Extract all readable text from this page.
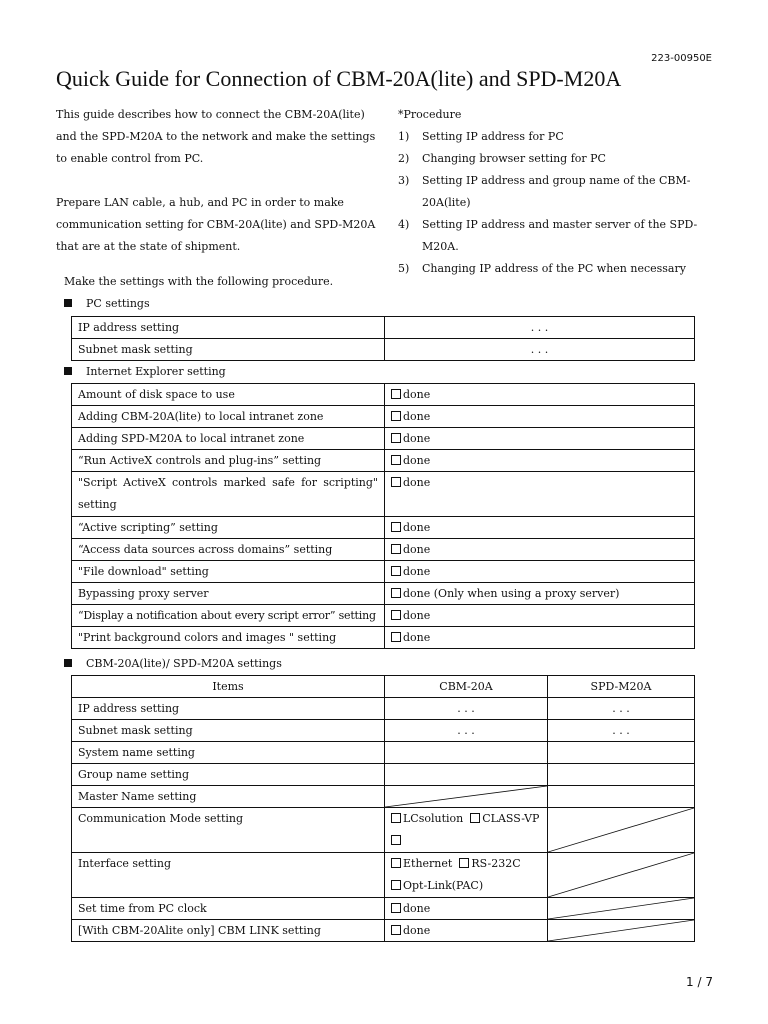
223-00950E
Quick Guide for Connection of CBM-20A(lite) and SPD-M20A

This guide describes how to connect the CBM-20A(lite) and the SPD-M20A to the network and make the settings to enable control from PC.

Prepare LAN cable, a hub, and PC in order to make communication setting for CBM-20A(lite) and SPD-M20A that are at the state of shipment.

*Procedure
1)	Setting IP address for PC
2)	Changing browser setting for PC
3)	Setting IP address and group name of the CBM-20A(lite)
4)	Setting IP address and master server of the SPD-M20A.
5)	Changing IP address of the PC when necessary
Make the settings with the following procedure.
PC settings
IP address setting	. . .
Subnet mask setting	. . .
Internet Explorer setting
Amount of disk space to use	done
Adding CBM-20A(lite) to local intranet zone	done
Adding SPD-M20A to local intranet zone	done
“Run ActiveX controls and plug-ins” setting	done
"Script ActiveX controls marked safe for scripting" setting	done
“Active scripting” setting	done
“Access data sources across domains” setting	done
"File download" setting	done
Bypassing proxy server	done (Only when using a proxy server)
“Display a notification about every script error” setting	done
"Print background colors and images " setting	done
CBM-20A(lite)/ SPD-M20A settings
Items	CBM-20A	SPD-M20A
IP address setting	. . .	. . .
Subnet mask setting	. . .	. . .
System name setting		
Group name setting		
Master Name setting	

Communication Mode setting	LCsolution CLASS-VP

Interface setting	Ethernet RS-232C
Opt-Link(PAC)	

Set time from PC clock	done	

[With CBM-20Alite only] CBM LINK setting	done	
1 / 7
